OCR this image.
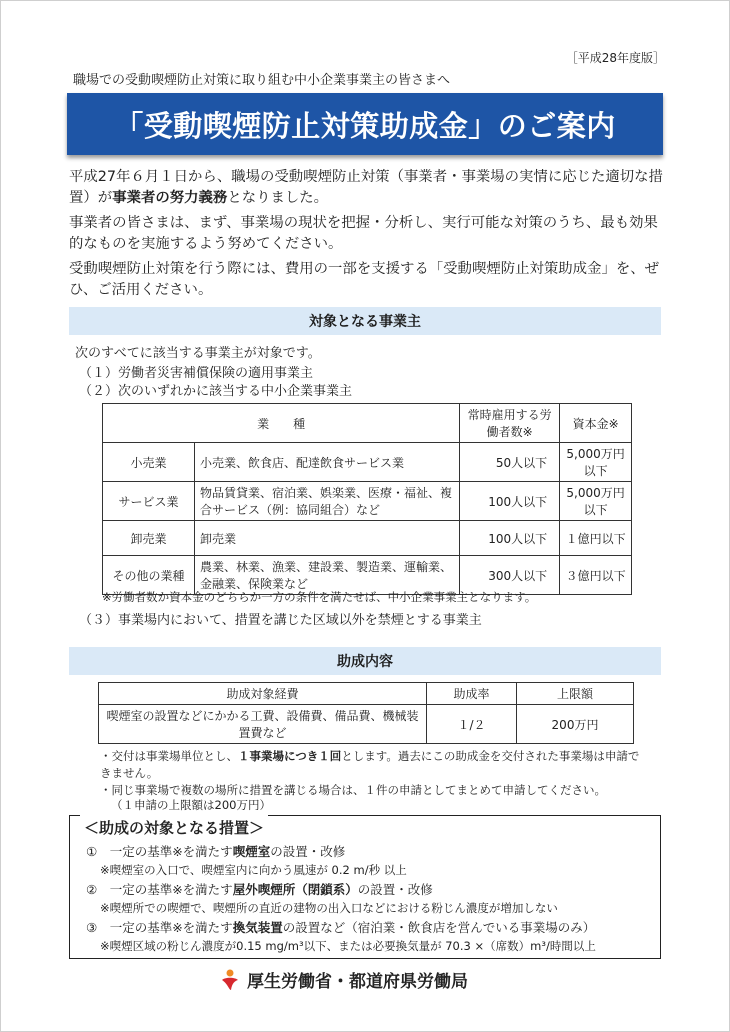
［平成28年度版］
職場での受動喫煙防止対策に取り組む中小企業事業主の皆さまへ
「受動喫煙防止対策助成金」のご案内

平成27年６月１日から、職場の受動喫煙防止対策（事業者・事業場の実情に応じた適切な措置）が事業者の努力義務となりました。

事業者の皆さまは、まず、事業場の現状を把握・分析し、実行可能な対策のうち、最も効果的なものを実施するよう努めてください。

受動喫煙防止対策を行う際には、費用の一部を支援する「受動喫煙防止対策助成金」を、ぜひ、ご活用ください。

対象となる事業主
次のすべてに該当する事業主が対象です。
（１）労働者災害補償保険の適用事業主
（２）次のいずれかに該当する中小企業事業主
業　　種		常時雇用する労働者数※	資本金※
小売業	小売業、飲食店、配達飲食サービス業	50人以下	5,000万円以下
サービス業	物品賃貸業、宿泊業、娯楽業、医療・福祉、複合サービス（例：協同組合）など	100人以下	5,000万円以下
卸売業	卸売業	100人以下	１億円以下
その他の業種	農業、林業、漁業、建設業、製造業、運輸業、金融業、保険業など	300人以下	３億円以下
※労働者数か資本金のどちらか一方の条件を満たせば、中小企業事業主となります。
（３）事業場内において、措置を講じた区域以外を禁煙とする事業主
助成内容
助成対象経費	助成率	上限額
喫煙室の設置などにかかる工費、設備費、備品費、機械装置費など	１/２	200万円
・交付は事業場単位とし、１事業場につき１回とします。過去にこの助成金を交付された事業場は申請できません。
・同じ事業場で複数の場所に措置を講じる場合は、１件の申請としてまとめて申請してください。
（１申請の上限額は200万円）
＜助成の対象となる措置＞
①　一定の基準※を満たす喫煙室の設置・改修
※喫煙室の入口で、喫煙室内に向かう風速が 0.2 m/秒 以上
②　一定の基準※を満たす屋外喫煙所（閉鎖系）の設置・改修
※喫煙所での喫煙で、喫煙所の直近の建物の出入口などにおける粉じん濃度が増加しない
③　一定の基準※を満たす換気装置の設置など（宿泊業・飲食店を営んでいる事業場のみ）
※喫煙区域の粉じん濃度が0.15 mg/m³以下、または必要換気量が 70.3 ×（席数）m³/時間以上
厚生労働省・都道府県労働局
